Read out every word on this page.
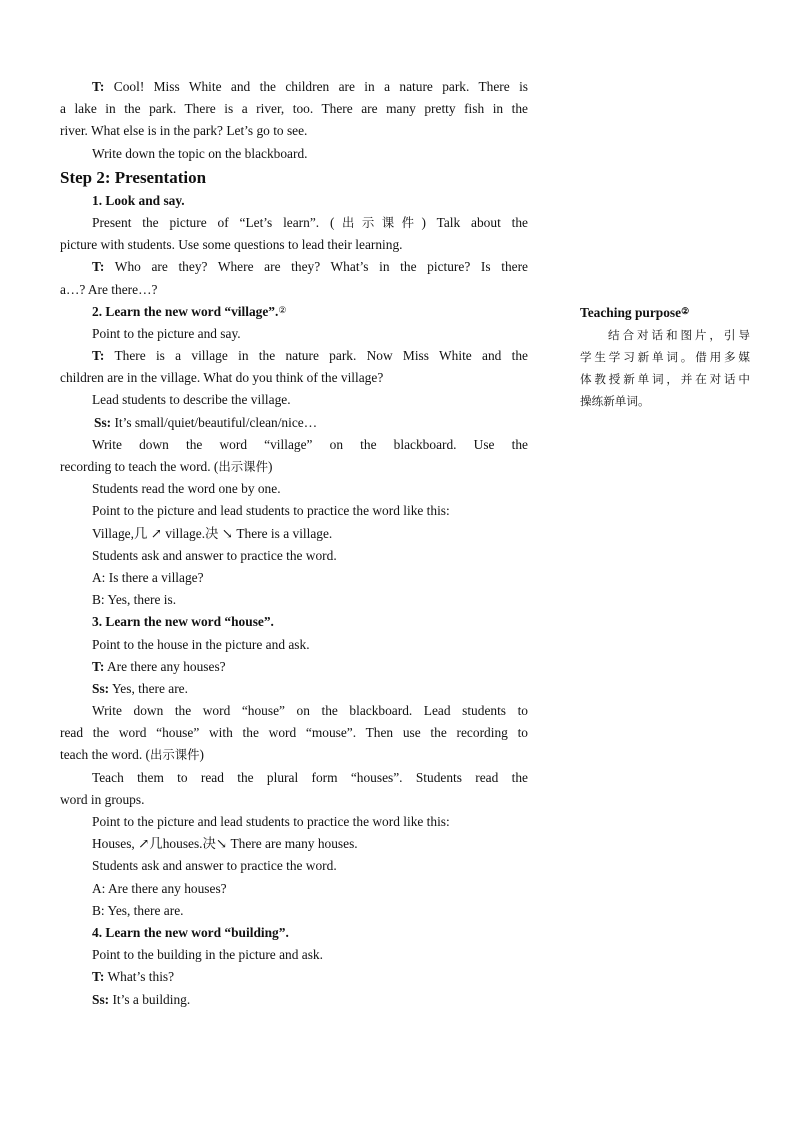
T: Cool! Miss White and the children are in a nature park. There is
a lake in the park. There is a river, too. There are many pretty fish in the
river. What else is in the park? Let’s go to see.
Write down the topic on the blackboard.
Step 2: Presentation
1. Look and say.
Present the picture of “Let’s learn”. (出示课件) Talk about the
picture with students. Use some questions to lead their learning.
T: Who are they? Where are they? What’s in the picture? Is there
a…? Are there…?
2. Learn the new word “village”.②
Point to the picture and say.
T: There is a village in the nature park. Now Miss White and the
children are in the village. What do you think of the village?
Lead students to describe the village.
Ss: It’s small/quiet/beautiful/clean/nice…
Write down the word “village” on the blackboard. Use the
recording to teach the word. (出示课件)
Students read the word one by one.
Point to the picture and lead students to practice the word like this:
Village,几 ↗ village.决 ↘ There is a village.
Students ask and answer to practice the word.
A: Is there a village?
B: Yes, there is.
3. Learn the new word “house”.
Point to the house in the picture and ask.
T: Are there any houses?
Ss: Yes, there are.
Write down the word “house” on the blackboard. Lead students to
read the word “house” with the word “mouse”. Then use the recording to
teach the word. (出示课件)
Teach them to read the plural form “houses”. Students read the
word in groups.
Point to the picture and lead students to practice the word like this:
Houses, ↗几houses.决↘ There are many houses.
Students ask and answer to practice the word.
A: Are there any houses?
B: Yes, there are.
4. Learn the new word “building”.
Point to the building in the picture and ask.
T: What’s this?
Ss: It’s a building.
Teaching purpose②
结合对话和图片，引导
学生学习新单词。借用多媒
体教授新单词，并在对话中
操练新单词。
